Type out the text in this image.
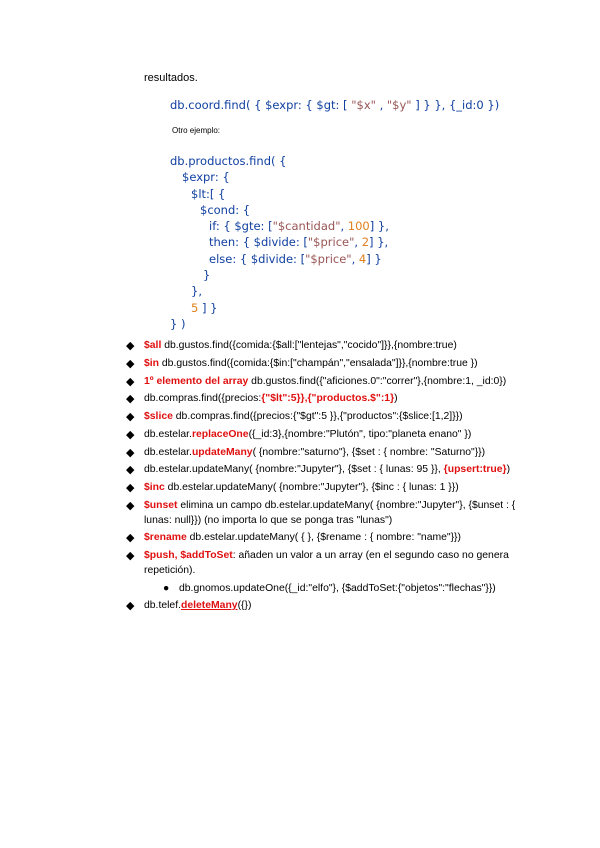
resultados.
db.coord.find( { $expr: { $gt: [ "$x" , "$y" ] } }, {_id:0 })
Otro ejemplo:
db.productos.find( {
$expr: {
$lt:[ {
$cond: {
if: { $gte: ["$cantidad", 100] },
then: { $divide: ["$price", 2] },
else: { $divide: ["$price", 4] }
}
},
5 ] }
} )
◆ $all db.gustos.find({comida:{$all:["lentejas","cocido"]}},{nombre:true)
◆ $in db.gustos.find({comida:{$in:["champán","ensalada"]}},{nombre:true })
◆ 1º elemento del array db.gustos.find({"aficiones.0":"correr"},{nombre:1, _id:0})
◆ db.compras.find({precios:{"$lt":5}},{"productos.$":1})
◆ $slice db.compras.find({precios:{"$gt":5 }},{"productos":{$slice:[1,2]}})
◆ db.estelar.replaceOne({_id:3},{nombre:"Plutón", tipo:"planeta enano" })
◆ db.estelar.updateMany( {nombre:"saturno"}, {$set : { nombre: "Saturno"}})
◆ db.estelar.updateMany( {nombre:"Jupyter"}, {$set : { lunas: 95 }}, {upsert:true})
◆ $inc db.estelar.updateMany( {nombre:"Jupyter"}, {$inc : { lunas: 1 }})
◆ $unset elimina un campo db.estelar.updateMany( {nombre:"Jupyter"}, {$unset : { lunas: null}}) (no importa lo que se ponga tras "lunas")
◆ $rename db.estelar.updateMany( { }, {$rename : { nombre: "name"}})
◆ $push, $addToSet: añaden un valor a un array (en el segundo caso no genera repetición).
● db.gnomos.updateOne({_id:"elfo"}, {$addToSet:{"objetos":"flechas"}})
◆ db.telef.deleteMany({})
